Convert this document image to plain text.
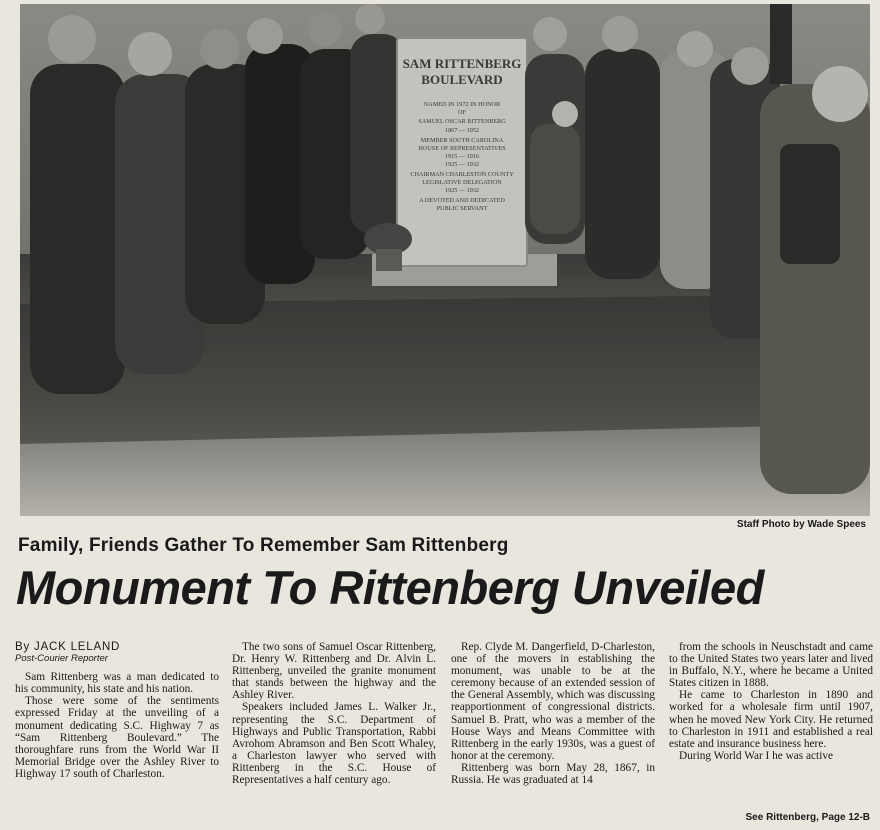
SAM RITTENBERG
BOULEVARD
NAMED IN 1972 IN HONOR
OF
SAMUEL OSCAR RITTENBERG
1867 — 1952
MEMBER SOUTH CAROLINA
HOUSE OF REPRESENTATIVES
1915 — 1916
1925 — 1932
CHAIRMAN CHARLESTON COUNTY
LEGISLATIVE DELEGATION
1925 — 1932
A DEVOTED AND DEDICATED
PUBLIC SERVANT
Staff Photo by Wade Spees
Family, Friends Gather To Remember Sam Rittenberg
Monument To Rittenberg Unveiled
By JACK LELAND
Post-Courier Reporter

Sam Rittenberg was a man dedicated to his community, his state and his nation.

Those were some of the sentiments expressed Friday at the unveiling of a monument dedicating S.C. Highway 7 as “Sam Rittenberg Boulevard.” The thoroughfare runs from the World War II Memorial Bridge over the Ashley River to Highway 17 south of Charleston.

The two sons of Samuel Oscar Rittenberg, Dr. Henry W. Rittenberg and Dr. Alvin L. Rittenberg, unveiled the granite monument that stands between the highway and the Ashley River.

Speakers included James L. Walker Jr., representing the S.C. Department of Highways and Public Transportation, Rabbi Avrohom Abramson and Ben Scott Whaley, a Charleston lawyer who served with Rittenberg in the S.C. House of Representatives a half century ago.

Rep. Clyde M. Dangerfield, D-Charleston, one of the movers in establishing the monument, was unable to be at the ceremony because of an extended session of the General Assembly, which was discussing reapportionment of congressional districts. Samuel B. Pratt, who was a member of the House Ways and Means Committee with Rittenberg in the early 1930s, was a guest of honor at the ceremony.

Rittenberg was born May 28, 1867, in Russia. He was graduated at 14

from the schools in Neuschstadt and came to the United States two years later and lived in Buffalo, N.Y., where he became a United States citizen in 1888.

He came to Charleston in 1890 and worked for a wholesale firm until 1907, when he moved New York City. He returned to Charleston in 1911 and established a real estate and insurance business here.

During World War I he was active

See Rittenberg, Page 12-B
